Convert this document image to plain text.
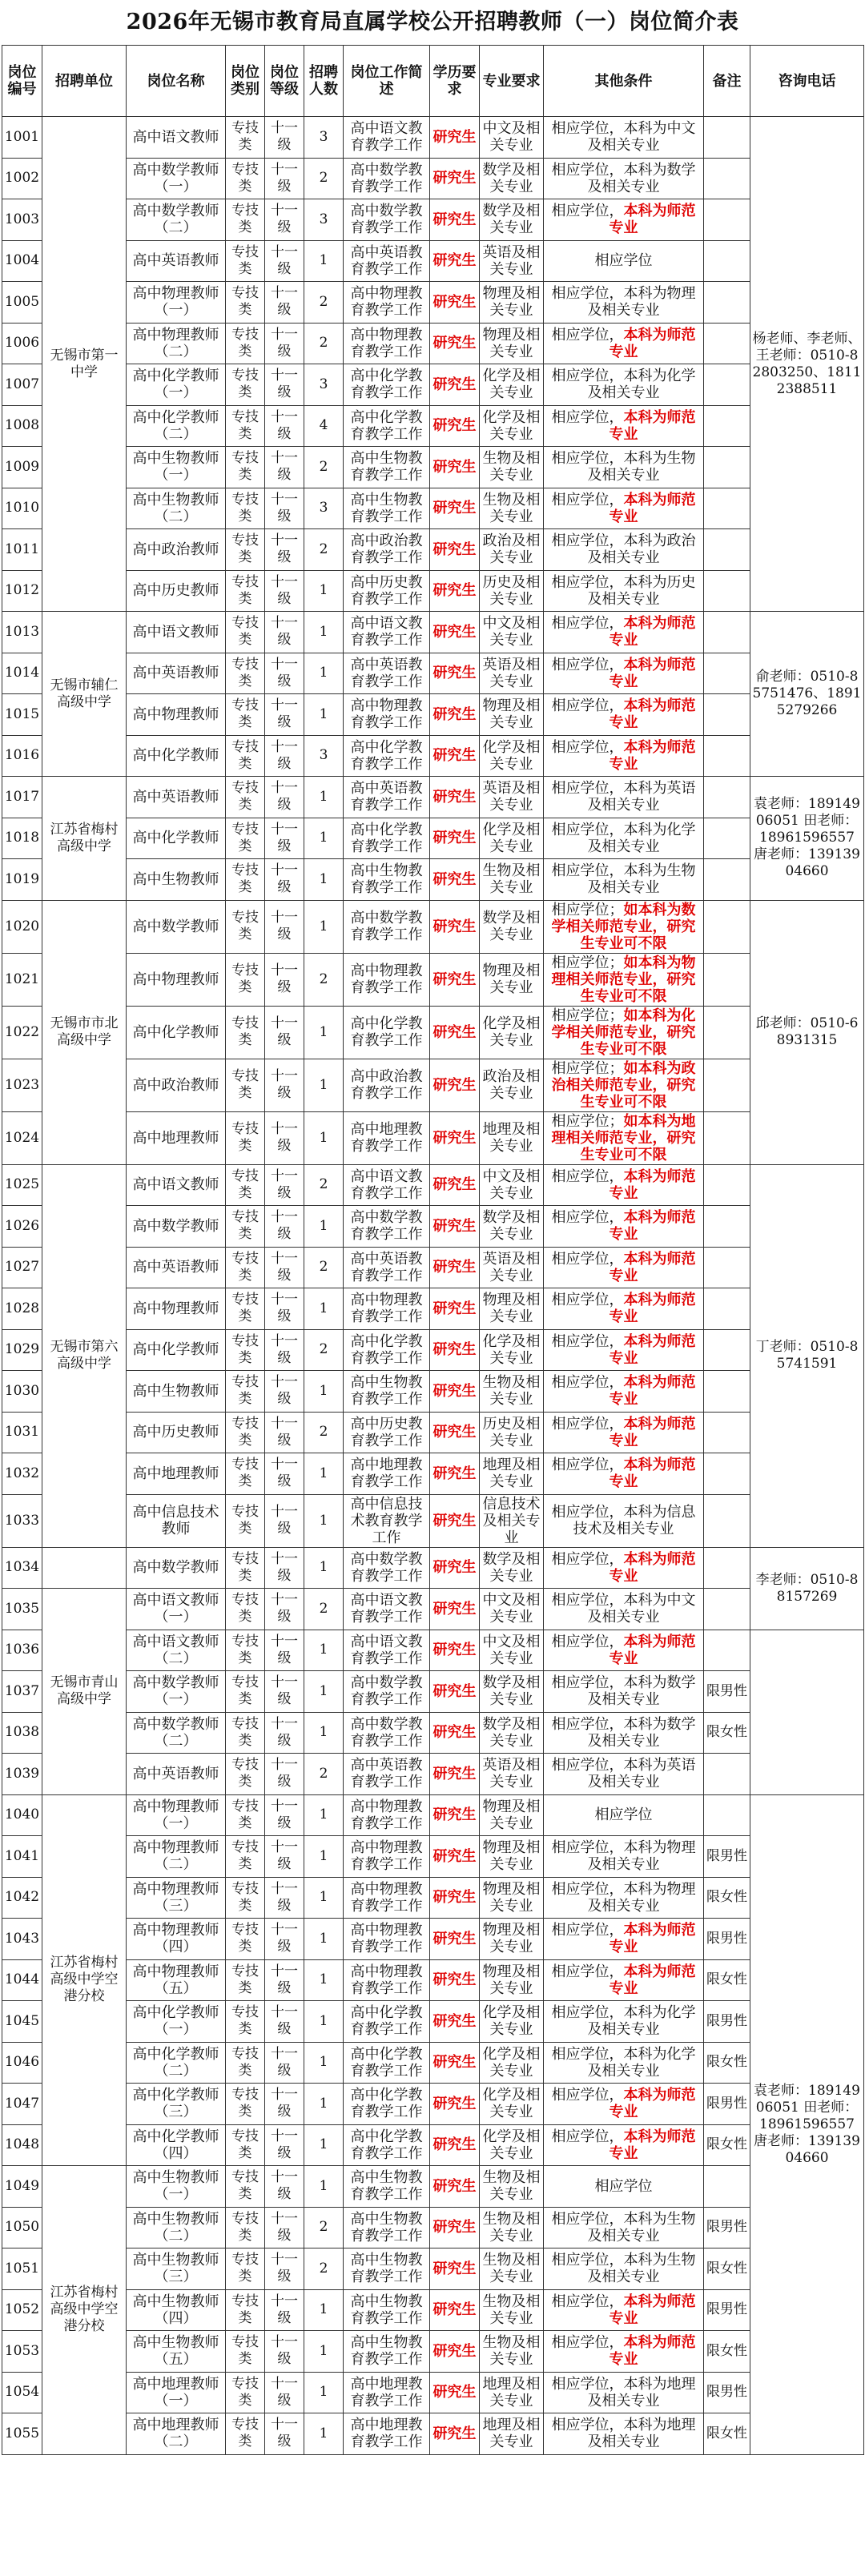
2026年无锡市教育局直属学校公开招聘教师（一）岗位简介表
岗位编号	招聘单位	岗位名称	岗位类别	岗位等级	招聘人数	岗位工作简述	学历要求	专业要求	其他条件	备注	咨询电话
1001	无锡市第一中学	高中语文教师	专技类	十一级	3	高中语文教育教学工作	研究生	中文及相关专业	相应学位，本科为中文及相关专业		杨老师、李老师、王老师：0510-82803250、18112388511
1002		高中数学教师（一）	专技类	十一级	2	高中数学教育教学工作	研究生	数学及相关专业	相应学位，本科为数学及相关专业		
1003		高中数学教师（二）	专技类	十一级	3	高中数学教育教学工作	研究生	数学及相关专业	相应学位，本科为师范专业		
1004		高中英语教师	专技类	十一级	1	高中英语教育教学工作	研究生	英语及相关专业	相应学位		
1005		高中物理教师（一）	专技类	十一级	2	高中物理教育教学工作	研究生	物理及相关专业	相应学位，本科为物理及相关专业		
1006		高中物理教师（二）	专技类	十一级	2	高中物理教育教学工作	研究生	物理及相关专业	相应学位，本科为师范专业		
1007		高中化学教师（一）	专技类	十一级	3	高中化学教育教学工作	研究生	化学及相关专业	相应学位，本科为化学及相关专业		
1008		高中化学教师（二）	专技类	十一级	4	高中化学教育教学工作	研究生	化学及相关专业	相应学位，本科为师范专业		
1009		高中生物教师（一）	专技类	十一级	2	高中生物教育教学工作	研究生	生物及相关专业	相应学位，本科为生物及相关专业		
1010		高中生物教师（二）	专技类	十一级	3	高中生物教育教学工作	研究生	生物及相关专业	相应学位，本科为师范专业		
1011		高中政治教师	专技类	十一级	2	高中政治教育教学工作	研究生	政治及相关专业	相应学位，本科为政治及相关专业		
1012		高中历史教师	专技类	十一级	1	高中历史教育教学工作	研究生	历史及相关专业	相应学位，本科为历史及相关专业		
1013	无锡市辅仁高级中学	高中语文教师	专技类	十一级	1	高中语文教育教学工作	研究生	中文及相关专业	相应学位，本科为师范专业		俞老师：0510-85751476、18915279266
1014		高中英语教师	专技类	十一级	1	高中英语教育教学工作	研究生	英语及相关专业	相应学位，本科为师范专业		
1015		高中物理教师	专技类	十一级	1	高中物理教育教学工作	研究生	物理及相关专业	相应学位，本科为师范专业		
1016		高中化学教师	专技类	十一级	3	高中化学教育教学工作	研究生	化学及相关专业	相应学位，本科为师范专业		
1017	江苏省梅村高级中学	高中英语教师	专技类	十一级	1	高中英语教育教学工作	研究生	英语及相关专业	相应学位，本科为英语及相关专业		袁老师：18914906051 田老师：18961596557 唐老师：13913904660
1018		高中化学教师	专技类	十一级	1	高中化学教育教学工作	研究生	化学及相关专业	相应学位，本科为化学及相关专业		
1019		高中生物教师	专技类	十一级	1	高中生物教育教学工作	研究生	生物及相关专业	相应学位，本科为生物及相关专业		
1020	无锡市市北高级中学	高中数学教师	专技类	十一级	1	高中数学教育教学工作	研究生	数学及相关专业	相应学位；如本科为数学相关师范专业，研究生专业可不限		邱老师：0510-68931315
1021		高中物理教师	专技类	十一级	2	高中物理教育教学工作	研究生	物理及相关专业	相应学位；如本科为物理相关师范专业，研究生专业可不限		
1022		高中化学教师	专技类	十一级	1	高中化学教育教学工作	研究生	化学及相关专业	相应学位；如本科为化学相关师范专业，研究生专业可不限		
1023		高中政治教师	专技类	十一级	1	高中政治教育教学工作	研究生	政治及相关专业	相应学位；如本科为政治相关师范专业，研究生专业可不限		
1024		高中地理教师	专技类	十一级	1	高中地理教育教学工作	研究生	地理及相关专业	相应学位；如本科为地理相关师范专业，研究生专业可不限		
1025	无锡市第六高级中学	高中语文教师	专技类	十一级	2	高中语文教育教学工作	研究生	中文及相关专业	相应学位，本科为师范专业		丁老师：0510-85741591
1026		高中数学教师	专技类	十一级	1	高中数学教育教学工作	研究生	数学及相关专业	相应学位，本科为师范专业		
1027		高中英语教师	专技类	十一级	2	高中英语教育教学工作	研究生	英语及相关专业	相应学位，本科为师范专业		
1028		高中物理教师	专技类	十一级	1	高中物理教育教学工作	研究生	物理及相关专业	相应学位，本科为师范专业		
1029		高中化学教师	专技类	十一级	2	高中化学教育教学工作	研究生	化学及相关专业	相应学位，本科为师范专业		
1030		高中生物教师	专技类	十一级	1	高中生物教育教学工作	研究生	生物及相关专业	相应学位，本科为师范专业		
1031		高中历史教师	专技类	十一级	2	高中历史教育教学工作	研究生	历史及相关专业	相应学位，本科为师范专业		
1032		高中地理教师	专技类	十一级	1	高中地理教育教学工作	研究生	地理及相关专业	相应学位，本科为师范专业		
1033		高中信息技术教师	专技类	十一级	1	高中信息技术教育教学工作	研究生	信息技术及相关专业	相应学位，本科为信息技术及相关专业		
1034		高中数学教师	专技类	十一级	1	高中数学教育教学工作	研究生	数学及相关专业	相应学位，本科为师范专业		李老师：0510-88157269
1035	无锡市青山高级中学	高中语文教师（一）	专技类	十一级	2	高中语文教育教学工作	研究生	中文及相关专业	相应学位，本科为中文及相关专业		
1036		高中语文教师（二）	专技类	十一级	1	高中语文教育教学工作	研究生	中文及相关专业	相应学位，本科为师范专业		
1037		高中数学教师（一）	专技类	十一级	1	高中数学教育教学工作	研究生	数学及相关专业	相应学位，本科为数学及相关专业	限男性	
1038		高中数学教师（二）	专技类	十一级	1	高中数学教育教学工作	研究生	数学及相关专业	相应学位，本科为数学及相关专业	限女性	
1039		高中英语教师	专技类	十一级	2	高中英语教育教学工作	研究生	英语及相关专业	相应学位，本科为英语及相关专业		
1040	江苏省梅村高级中学空港分校	高中物理教师（一）	专技类	十一级	1	高中物理教育教学工作	研究生	物理及相关专业	相应学位		袁老师：18914906051 田老师：18961596557 唐老师：13913904660
1041		高中物理教师（二）	专技类	十一级	1	高中物理教育教学工作	研究生	物理及相关专业	相应学位，本科为物理及相关专业	限男性	
1042		高中物理教师（三）	专技类	十一级	1	高中物理教育教学工作	研究生	物理及相关专业	相应学位，本科为物理及相关专业	限女性	
1043		高中物理教师（四）	专技类	十一级	1	高中物理教育教学工作	研究生	物理及相关专业	相应学位，本科为师范专业	限男性	
1044		高中物理教师（五）	专技类	十一级	1	高中物理教育教学工作	研究生	物理及相关专业	相应学位，本科为师范专业	限女性	
1045		高中化学教师（一）	专技类	十一级	1	高中化学教育教学工作	研究生	化学及相关专业	相应学位，本科为化学及相关专业	限男性	
1046		高中化学教师（二）	专技类	十一级	1	高中化学教育教学工作	研究生	化学及相关专业	相应学位，本科为化学及相关专业	限女性	
1047		高中化学教师（三）	专技类	十一级	1	高中化学教育教学工作	研究生	化学及相关专业	相应学位，本科为师范专业	限男性	
1048		高中化学教师（四）	专技类	十一级	1	高中化学教育教学工作	研究生	化学及相关专业	相应学位，本科为师范专业	限女性	
1049	江苏省梅村高级中学空港分校	高中生物教师（一）	专技类	十一级	1	高中生物教育教学工作	研究生	生物及相关专业	相应学位		
1050		高中生物教师（二）	专技类	十一级	2	高中生物教育教学工作	研究生	生物及相关专业	相应学位，本科为生物及相关专业	限男性	
1051		高中生物教师（三）	专技类	十一级	2	高中生物教育教学工作	研究生	生物及相关专业	相应学位，本科为生物及相关专业	限女性	
1052		高中生物教师（四）	专技类	十一级	1	高中生物教育教学工作	研究生	生物及相关专业	相应学位，本科为师范专业	限男性	
1053		高中生物教师（五）	专技类	十一级	1	高中生物教育教学工作	研究生	生物及相关专业	相应学位，本科为师范专业	限女性	
1054		高中地理教师（一）	专技类	十一级	1	高中地理教育教学工作	研究生	地理及相关专业	相应学位，本科为地理及相关专业	限男性	
1055		高中地理教师（二）	专技类	十一级	1	高中地理教育教学工作	研究生	地理及相关专业	相应学位，本科为地理及相关专业	限女性	
